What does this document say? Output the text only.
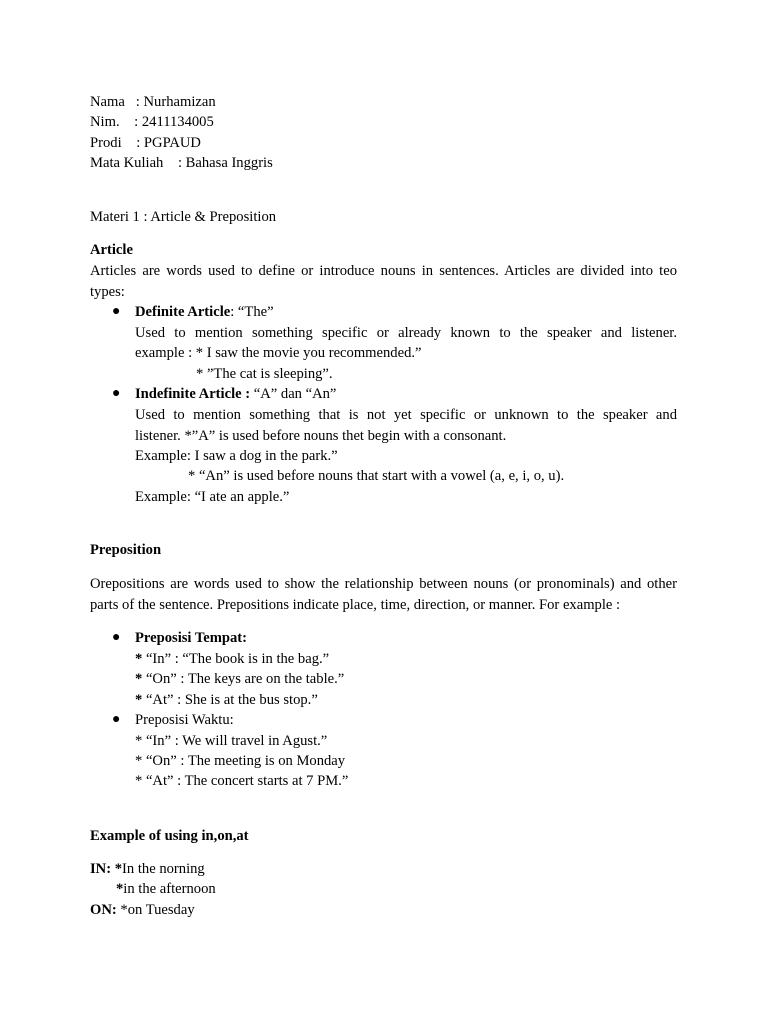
Nama   : Nurhamizan
Nim.    : 2411134005
Prodi    : PGPAUD
Mata Kuliah    : Bahasa Inggris
Materi 1 : Article & Preposition
Article
Articles are words used to define or introduce nouns in sentences. Articles are divided into teo
types:
● Definite Article: “The”
Used to mention something specific or already known to the speaker and listener.
example : * I saw the movie you recommended.”
* ”The cat is sleeping”.
● Indefinite Article : “A” dan “An”
Used to mention something that is not yet specific or unknown to the speaker and
listener. *”A” is used before nouns thet begin with a consonant.
Example: I saw a dog in the park.”
* “An” is used before nouns that start with a vowel (a, e, i, o, u).
Example: “I ate an apple.”
Preposition
Orepositions are words used to show the relationship between nouns (or pronominals) and other
parts of the sentence. Prepositions indicate place, time, direction, or manner. For example :
● Preposisi Tempat:
* “In” : “The book is in the bag.”
* “On” : The keys are on the table.”
* “At” : She is at the bus stop.”
● Preposisi Waktu:
* “In” : We will travel in Agust.”
* “On” : The meeting is on Monday
* “At” : The concert starts at 7 PM.”
Example of using in,on,at
IN: *In the norning
*in the afternoon
ON: *on Tuesday
